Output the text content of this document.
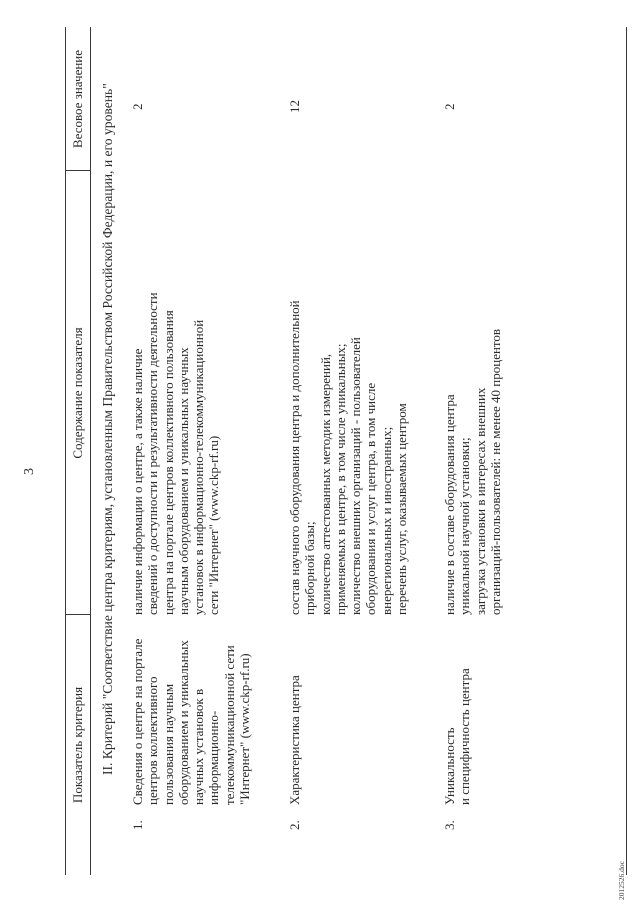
3
Показатель критерия
Содержание показателя
Весовое значение II. Критерий "Соответствие центра критериям, установленным Правительством Российской Федерации, и его уровень"
1.
Сведения о центре на портале центров коллективного пользования научным оборудованием и уникальных научных установок в информационно- телекоммуникационной сети "Интернет" (www.ckp-rf.ru)
наличие информации о центре, а также наличие сведений о доступности и результативности деятельности центра на портале центров коллективного пользования научным оборудованием и уникальных научных установок в информационно-телекоммуникационной сети "Интернет" (www.ckp-rf.ru)
2
2.
Характеристика центра
состав научного оборудования центра и дополнительной приборной базы; количество аттестованных методик измерений, применяемых в центре, в том числе уникальных; количество внешних организаций - пользователей оборудования и услуг центра, в том числе внерегиональных и иностранных; перечень услуг, оказываемых центром
12
3.
Уникальность и специфичность центра
наличие в составе оборудования центра уникальной научной установки; загрузка установки в интересах внешних организаций-пользователей: не менее 40 процентов
2
2012526.doc
